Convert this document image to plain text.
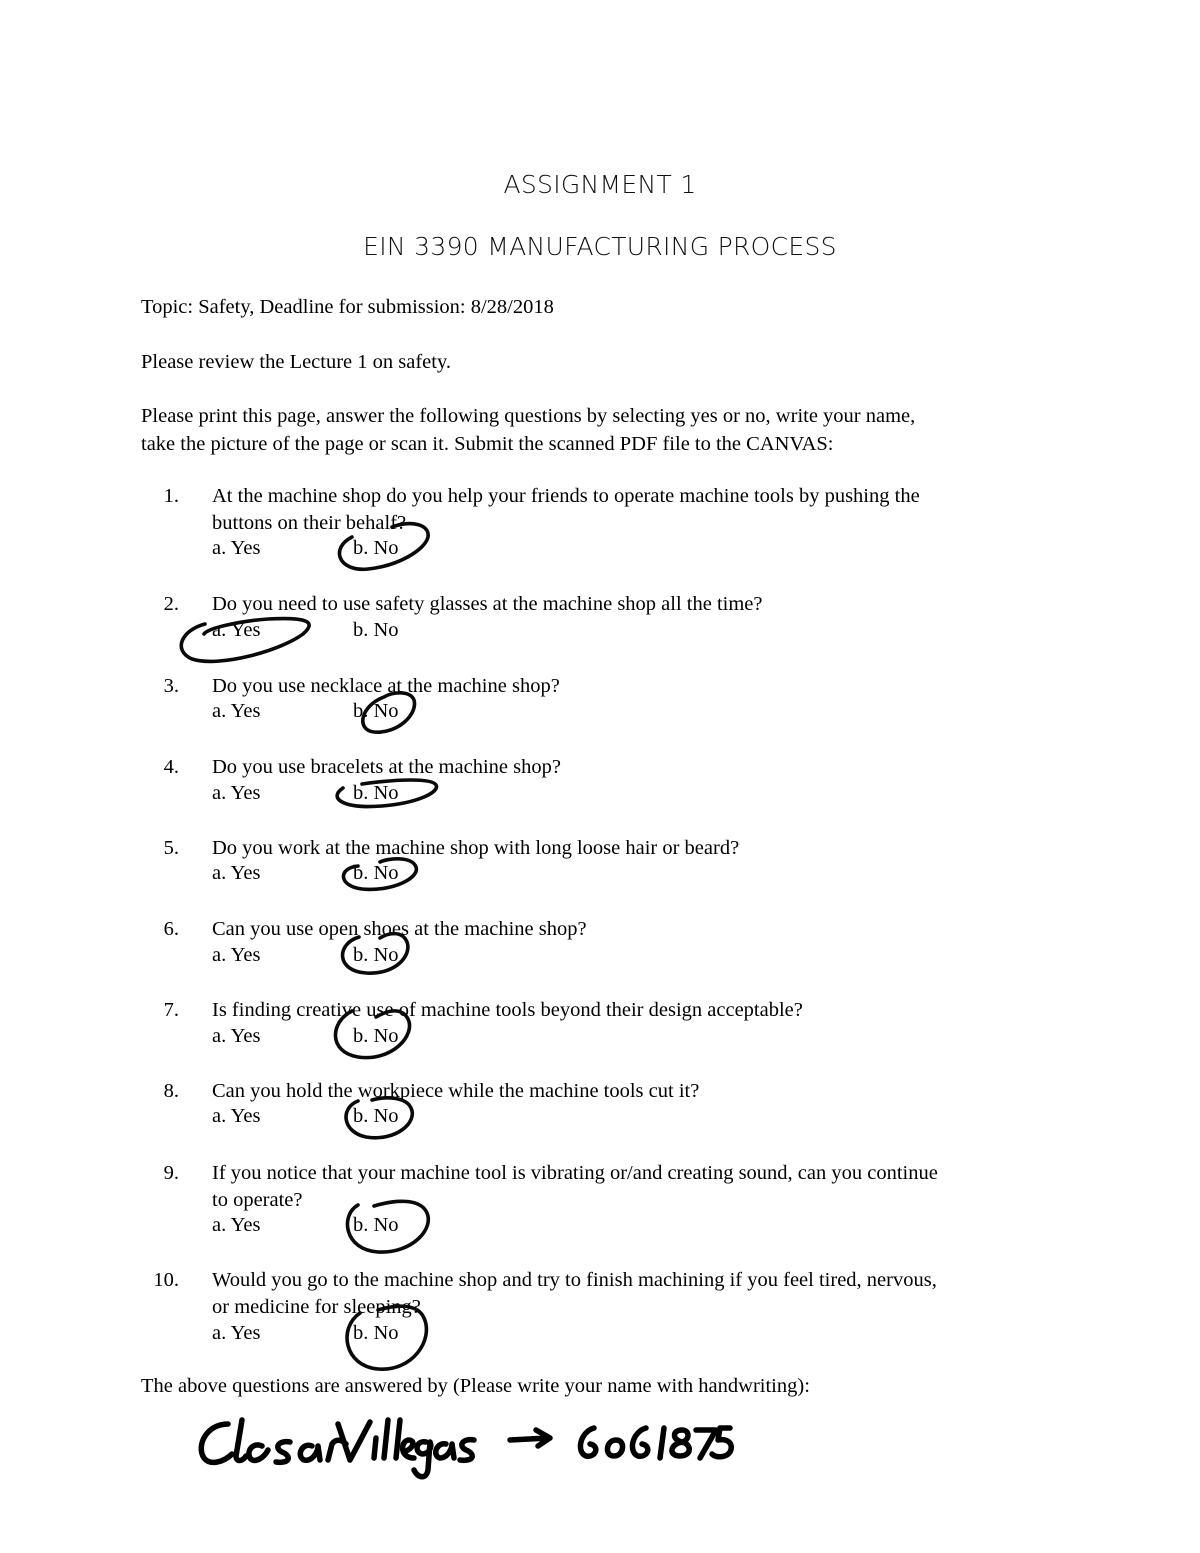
ASSIGNMENT 1
EIN 3390 MANUFACTURING PROCESS
Topic: Safety, Deadline for submission: 8/28/2018
Please review the Lecture 1 on safety.
Please print this page, answer the following questions by selecting yes or no, write your name,
take the picture of the page or scan it. Submit the scanned PDF file to the CANVAS:
1. At the machine shop do you help your friends to operate machine tools by pushing the
buttons on their behalf?
a. Yes	b. No
2. Do you need to use safety glasses at the machine shop all the time?
a. Yes	b. No
3. Do you use necklace at the machine shop?
a. Yes	b. No
4. Do you use bracelets at the machine shop?
a. Yes	b. No
5. Do you work at the machine shop with long loose hair or beard?
a. Yes	b. No
6. Can you use open shoes at the machine shop?
a. Yes	b. No
7. Is finding creative use of machine tools beyond their design acceptable?
a. Yes	b. No
8. Can you hold the workpiece while the machine tools cut it?
a. Yes	b. No
9. If you notice that your machine tool is vibrating or/and creating sound, can you continue
to operate?
a. Yes	b. No
10. Would you go to the machine shop and try to finish machining if you feel tired, nervous,
or medicine for sleeping?
a. Yes	b. No
The above questions are answered by (Please write your name with handwriting):
